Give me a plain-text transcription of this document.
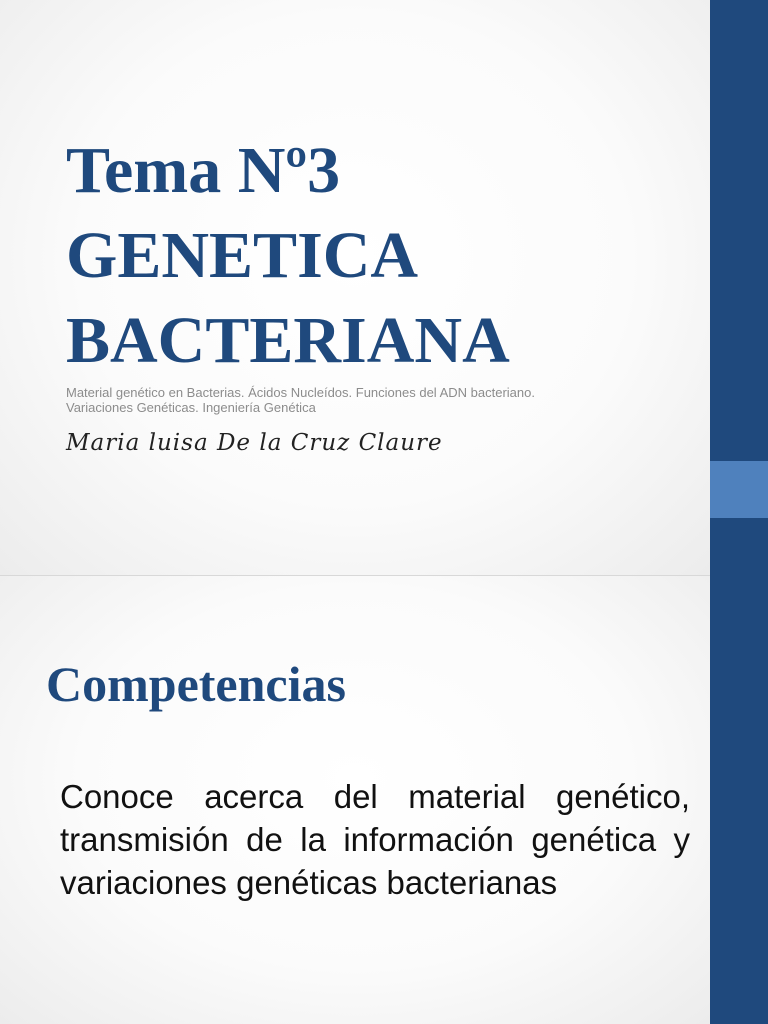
Tema Nº3
GENETICA
BACTERIANA

Material genético en Bacterias. Ácidos Nucleídos. Funciones del ADN bacteriano.
Variaciones Genéticas. Ingeniería Genética

Maria luisa De la Cruz Claure
Competencias

Conoce acerca del material genético, transmisión de la información genética y variaciones genéticas bacterianas
